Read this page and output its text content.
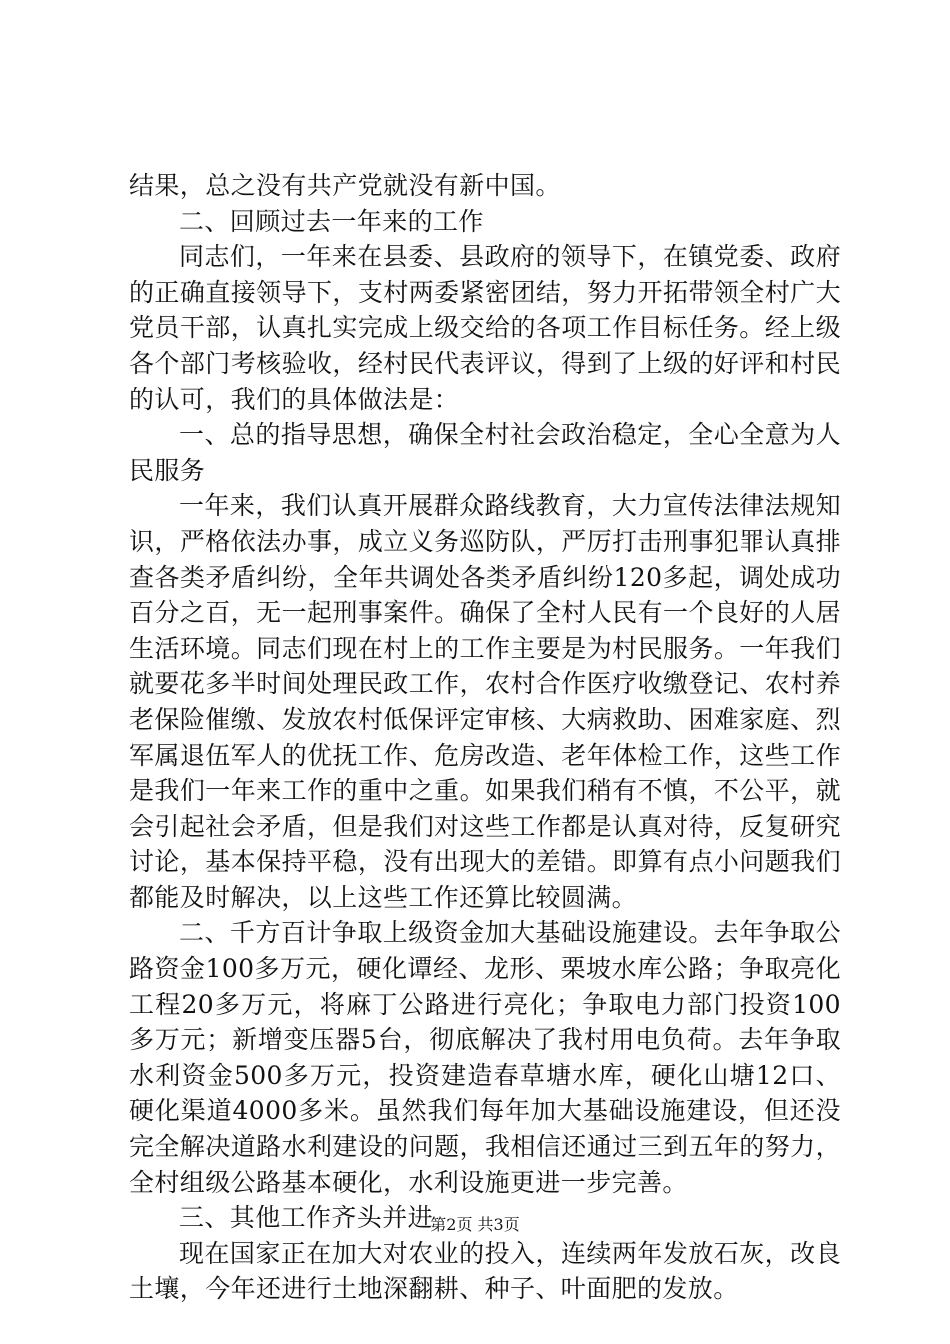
结果，总之没有共产党就没有新中国。

二、回顾过去一年来的工作

同志们，一年来在县委、县政府的领导下，在镇党委、政府的正确直接领导下，支村两委紧密团结，努力开拓带领全村广大党员干部，认真扎实完成上级交给的各项工作目标任务。经上级各个部门考核验收，经村民代表评议，得到了上级的好评和村民的认可，我们的具体做法是：

一、总的指导思想，确保全村社会政治稳定，全心全意为人民服务

一年来，我们认真开展群众路线教育，大力宣传法律法规知识，严格依法办事，成立义务巡防队，严厉打击刑事犯罪认真排查各类矛盾纠纷，全年共调处各类矛盾纠纷120多起，调处成功百分之百，无一起刑事案件。确保了全村人民有一个良好的人居生活环境。同志们现在村上的工作主要是为村民服务。一年我们就要花多半时间处理民政工作，农村合作医疗收缴登记、农村养老保险催缴、发放农村低保评定审核、大病救助、困难家庭、烈军属退伍军人的优抚工作、危房改造、老年体检工作，这些工作是我们一年来工作的重中之重。如果我们稍有不慎，不公平，就会引起社会矛盾，但是我们对这些工作都是认真对待，反复研究讨论，基本保持平稳，没有出现大的差错。即算有点小问题我们都能及时解决，以上这些工作还算比较圆满。

二、千方百计争取上级资金加大基础设施建设。去年争取公路资金100多万元，硬化谭经、龙形、栗坡水库公路；争取亮化工程20多万元，将麻丁公路进行亮化；争取电力部门投资100多万元；新增变压器5台，彻底解决了我村用电负荷。去年争取水利资金500多万元，投资建造春草塘水库，硬化山塘12口、硬化渠道4000多米。虽然我们每年加大基础设施建设，但还没完全解决道路水利建设的问题，我相信还通过三到五年的努力，全村组级公路基本硬化，水利设施更进一步完善。

三、其他工作齐头并进

现在国家正在加大对农业的投入，连续两年发放石灰，改良土壤，今年还进行土地深翻耕、种子、叶面肥的发放。

第2页 共3页
